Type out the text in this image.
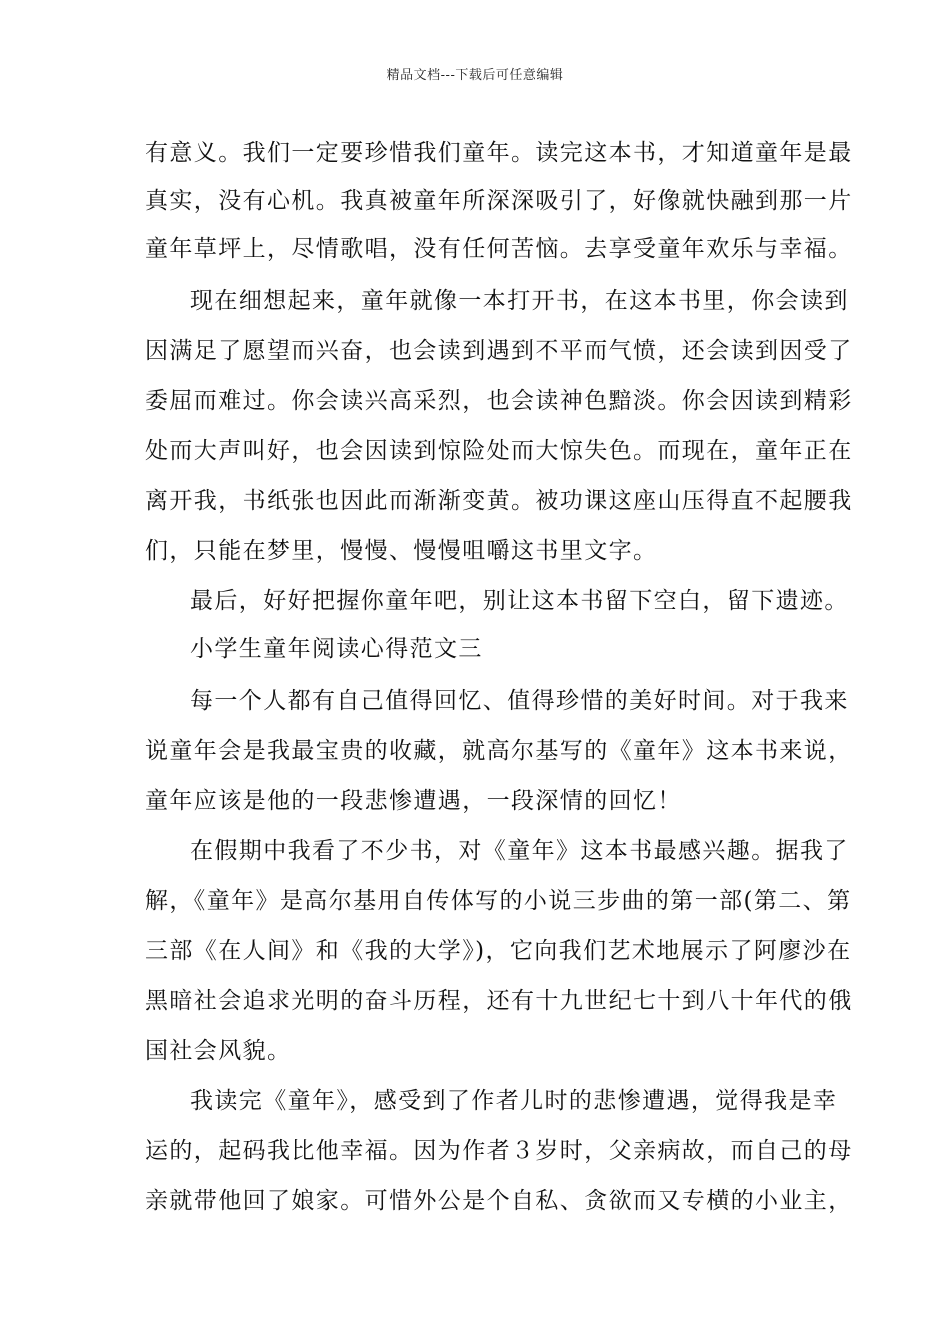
精品文档---下载后可任意编辑
有意义。我们一定要珍惜我们童年。读完这本书，才知道童年是最
真实，没有心机。我真被童年所深深吸引了，好像就快融到那一片
童年草坪上，尽情歌唱，没有任何苦恼。去享受童年欢乐与幸福。
现在细想起来，童年就像一本打开书，在这本书里，你会读到
因满足了愿望而兴奋，也会读到遇到不平而气愤，还会读到因受了
委屈而难过。你会读兴高采烈，也会读神色黯淡。你会因读到精彩
处而大声叫好，也会因读到惊险处而大惊失色。而现在，童年正在
离开我，书纸张也因此而渐渐变黄。被功课这座山压得直不起腰我
们，只能在梦里，慢慢、慢慢咀嚼这书里文字。
最后，好好把握你童年吧，别让这本书留下空白，留下遗迹。
小学生童年阅读心得范文三
每一个人都有自己值得回忆、值得珍惜的美好时间。对于我来
说童年会是我最宝贵的收藏，就高尔基写的《童年》这本书来说，
童年应该是他的一段悲惨遭遇，一段深情的回忆！
在假期中我看了不少书，对《童年》这本书最感兴趣。据我了
解，《童年》是高尔基用自传体写的小说三步曲的第一部(第二、第
三部《在人间》和《我的大学》)，它向我们艺术地展示了阿廖沙在
黑暗社会追求光明的奋斗历程，还有十九世纪七十到八十年代的俄
国社会风貌。
我读完《童年》，感受到了作者儿时的悲惨遭遇，觉得我是幸
运的，起码我比他幸福。因为作者３岁时，父亲病故，而自己的母
亲就带他回了娘家。可惜外公是个自私、贪欲而又专横的小业主，
